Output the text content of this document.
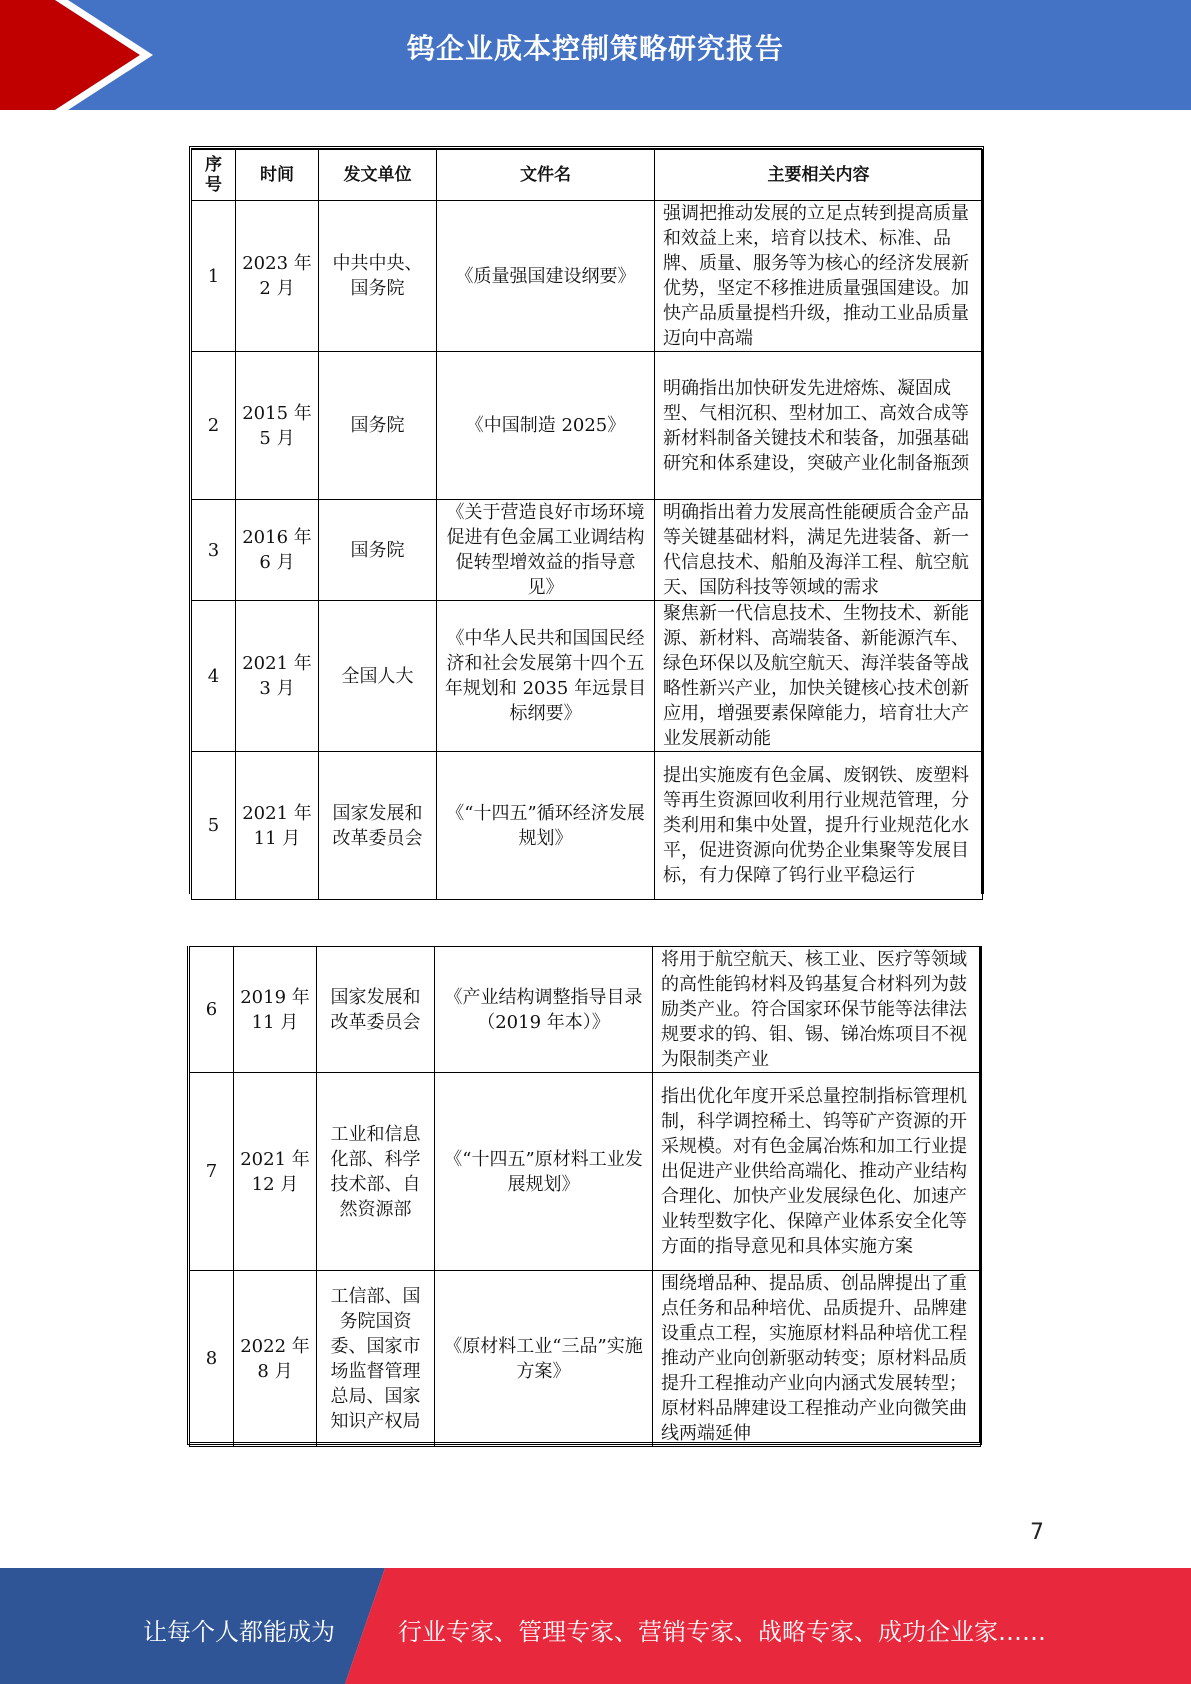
钨企业成本控制策略研究报告
序
号	时间	发文单位	文件名	主要相关内容
1	2023 年 2 月	中共中央、国务院	《质量强国建设纲要》	强调把推动发展的立足点转到提高质量和效益上来，培育以技术、标准、品牌、质量、服务等为核心的经济发展新优势，坚定不移推进质量强国建设。加快产品质量提档升级，推动工业品质量迈向中高端
2	2015 年 5 月	国务院	《中国制造 2025》	明确指出加快研发先进熔炼、凝固成型、气相沉积、型材加工、高效合成等新材料制备关键技术和装备，加强基础研究和体系建设，突破产业化制备瓶颈
3	2016 年 6 月	国务院	《关于营造良好市场环境促进有色金属工业调结构促转型增效益的指导意见》	明确指出着力发展高性能硬质合金产品等关键基础材料，满足先进装备、新一代信息技术、船舶及海洋工程、航空航天、国防科技等领域的需求
4	2021 年 3 月	全国人大	《中华人民共和国国民经济和社会发展第十四个五年规划和 2035 年远景目标纲要》	聚焦新一代信息技术、生物技术、新能源、新材料、高端装备、新能源汽车、绿色环保以及航空航天、海洋装备等战略性新兴产业，加快关键核心技术创新应用，增强要素保障能力，培育壮大产业发展新动能
5	2021 年 11 月	国家发展和改革委员会	《“十四五”循环经济发展规划》	提出实施废有色金属、废钢铁、废塑料等再生资源回收利用行业规范管理，分类利用和集中处置，提升行业规范化水平，促进资源向优势企业集聚等发展目标，有力保障了钨行业平稳运行
6	2019 年 11 月	国家发展和改革委员会	《产业结构调整指导目录（2019 年本）》	将用于航空航天、核工业、医疗等领域的高性能钨材料及钨基复合材料列为鼓励类产业。符合国家环保节能等法律法规要求的钨、钼、锡、锑冶炼项目不视为限制类产业
7	2021 年 12 月	工业和信息化部、科学技术部、自然资源部	《“十四五”原材料工业发展规划》	指出优化年度开采总量控制指标管理机制，科学调控稀土、钨等矿产资源的开采规模。对有色金属冶炼和加工行业提出促进产业供给高端化、推动产业结构合理化、加快产业发展绿色化、加速产业转型数字化、保障产业体系安全化等方面的指导意见和具体实施方案
8	2022 年 8 月	工信部、国务院国资委、国家市场监督管理总局、国家知识产权局	《原材料工业“三品”实施方案》	围绕增品种、提品质、创品牌提出了重点任务和品种培优、品质提升、品牌建设重点工程，实施原材料品种培优工程推动产业向创新驱动转变；原材料品质提升工程推动产业向内涵式发展转型；原材料品牌建设工程推动产业向微笑曲线两端延伸
7
让每个人都能成为	行业专家、管理专家、营销专家、战略专家、成功企业家……
